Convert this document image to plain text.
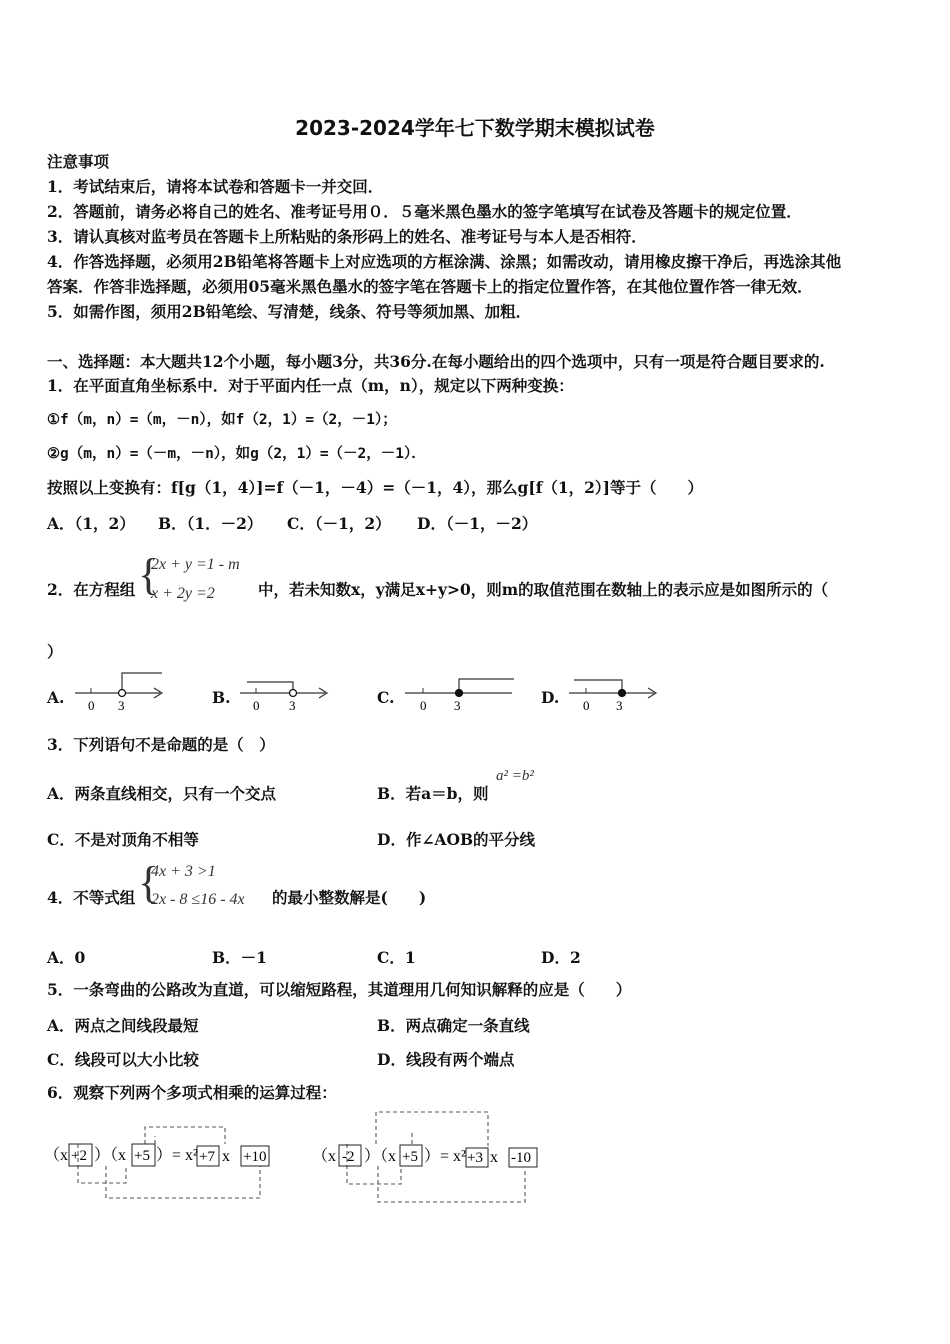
2023-2024学年七下数学期末模拟试卷
注意事项
1．考试结束后，请将本试卷和答题卡一并交回．
2．答题前，请务必将自己的姓名、准考证号用０．５毫米黑色墨水的签字笔填写在试卷及答题卡的规定位置．
3．请认真核对监考员在答题卡上所粘贴的条形码上的姓名、准考证号与本人是否相符．
4．作答选择题，必须用2B铅笔将答题卡上对应选项的方框涂满、涂黑；如需改动，请用橡皮擦干净后，再选涂其他
答案．作答非选择题，必须用05毫米黑色墨水的签字笔在答题卡上的指定位置作答，在其他位置作答一律无效．
5．如需作图，须用2B铅笔绘、写清楚，线条、符号等须加黑、加粗．
一、选择题：本大题共12个小题，每小题3分，共36分.在每小题给出的四个选项中，只有一项是符合题目要求的.
1．在平面直角坐标系中．对于平面内任一点（m，n），规定以下两种变换：
①f（m，n）=（m，－n），如f（2，1）=（2，－1）；
②g（m，n）=（－m，－n），如g（2，1）=（－2，－1）．
按照以上变换有：f[g（1，4）]=f（－1，－4）=（－1，4），那么g[f（1，2）]等于（　　）
A．（1，2） B．（1．－2） C．（－1，2） D．（－1，－2）
2．在方程组 {
2x + y =1 - m
x + 2y =2	中，若未知数x，y满足x+y>0，则m的取值范围在数轴上的表示应是如图所示的（
）
A. 0 3	B. 0 3	C. 0 3	D. 0 3
3．下列语句不是命题的是（　）
A．两条直线相交，只有一个交点	B．若a＝b，则
a² =b²
C．不是对顶角不相等	D．作∠AOB的平分线
4．不等式组 {
4x + 3 >1
2x - 8 ≤16 - 4x 的最小整数解是(　　)
A．0	B．－1	C．1	D．2
5．一条弯曲的公路改为直道，可以缩短路程，其道理用几何知识解释的应是（　　）
A．两点之间线段最短	B．两点确定一条直线
C．线段可以大小比较	D．线段有两个端点
6．观察下列两个多项式相乘的运算过程：
（x +2 ）（x +5 ）= x² +7 x +10	（x -2 ）（x +5 ）= x² +3 x -10
